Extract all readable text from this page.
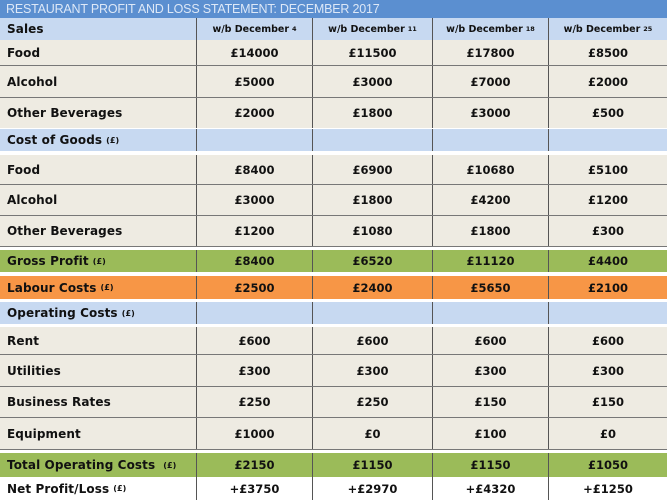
RESTAURANT PROFIT AND LOSS STATEMENT: DECEMBER 2017
Sales	w/b December 4	w/b December 11	w/b December 18	w/b December 25
Food	£14000	£11500	£17800	£8500
Alcohol	£5000	£3000	£7000	£2000
Other Beverages	£2000	£1800	£3000	£500
Cost of Goods (£)
Food	£8400	£6900	£10680	£5100
Alcohol	£3000	£1800	£4200	£1200
Other Beverages	£1200	£1080	£1800	£300
Gross Profit (£)	£8400	£6520	£11120	£4400
Labour Costs (£)	£2500	£2400	£5650	£2100
Operating Costs (£)
Rent	£600	£600	£600	£600
Utilities	£300	£300	£300	£300
Business Rates	£250	£250	£150	£150
Equipment	£1000	£0	£100	£0
Total Operating Costs (£)	£2150	£1150	£1150	£1050
Net Profit/Loss (£)	+£3750	+£2970	+£4320	+£1250
